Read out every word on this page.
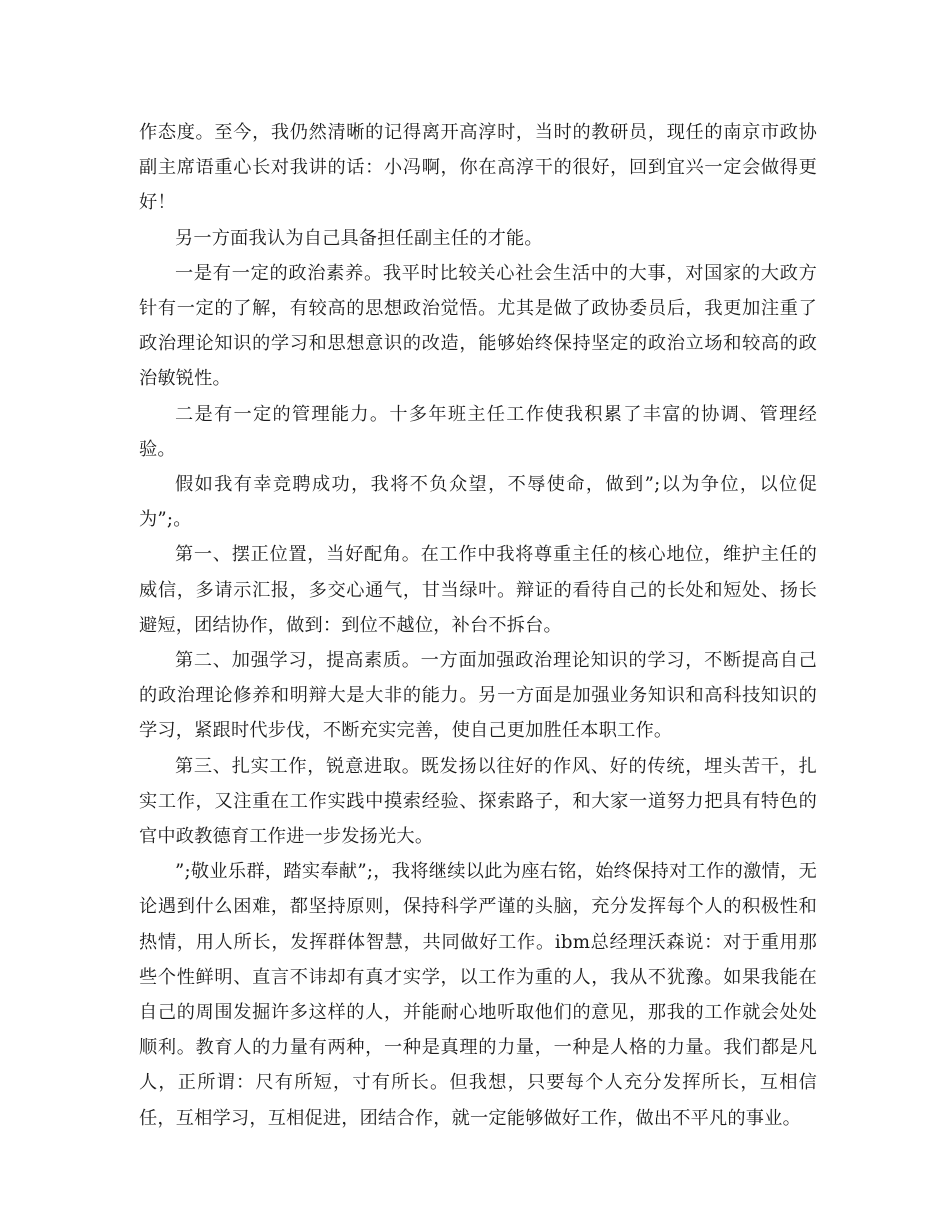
作态度。至今，我仍然清晰的记得离开高淳时，当时的教研员，现任的南京市政协副主席语重心长对我讲的话：小冯啊，你在高淳干的很好，回到宜兴一定会做得更好！

另一方面我认为自己具备担任副主任的才能。

一是有一定的政治素养。我平时比较关心社会生活中的大事，对国家的大政方针有一定的了解，有较高的思想政治觉悟。尤其是做了政协委员后，我更加注重了政治理论知识的学习和思想意识的改造，能够始终保持坚定的政治立场和较高的政治敏锐性。

二是有一定的管理能力。十多年班主任工作使我积累了丰富的协调、管理经验。

假如我有幸竞聘成功，我将不负众望，不辱使命，做到”;以为争位，以位促为”;。

第一、摆正位置，当好配角。在工作中我将尊重主任的核心地位，维护主任的威信，多请示汇报，多交心通气，甘当绿叶。辩证的看待自己的长处和短处、扬长避短，团结协作，做到：到位不越位，补台不拆台。

第二、加强学习，提高素质。一方面加强政治理论知识的学习，不断提高自己的政治理论修养和明辩大是大非的能力。另一方面是加强业务知识和高科技知识的学习，紧跟时代步伐，不断充实完善，使自己更加胜任本职工作。

第三、扎实工作，锐意进取。既发扬以往好的作风、好的传统，埋头苦干，扎实工作，又注重在工作实践中摸索经验、探索路子，和大家一道努力把具有特色的官中政教德育工作进一步发扬光大。

”;敬业乐群，踏实奉献”;，我将继续以此为座右铭，始终保持对工作的激情，无论遇到什么困难，都坚持原则，保持科学严谨的头脑，充分发挥每个人的积极性和热情，用人所长，发挥群体智慧，共同做好工作。ibm总经理沃森说：对于重用那些个性鲜明、直言不讳却有真才实学，以工作为重的人，我从不犹豫。如果我能在自己的周围发掘许多这样的人，并能耐心地听取他们的意见，那我的工作就会处处顺利。教育人的力量有两种，一种是真理的力量，一种是人格的力量。我们都是凡人，正所谓：尺有所短，寸有所长。但我想，只要每个人充分发挥所长，互相信任，互相学习，互相促进，团结合作，就一定能够做好工作，做出不平凡的事业。
